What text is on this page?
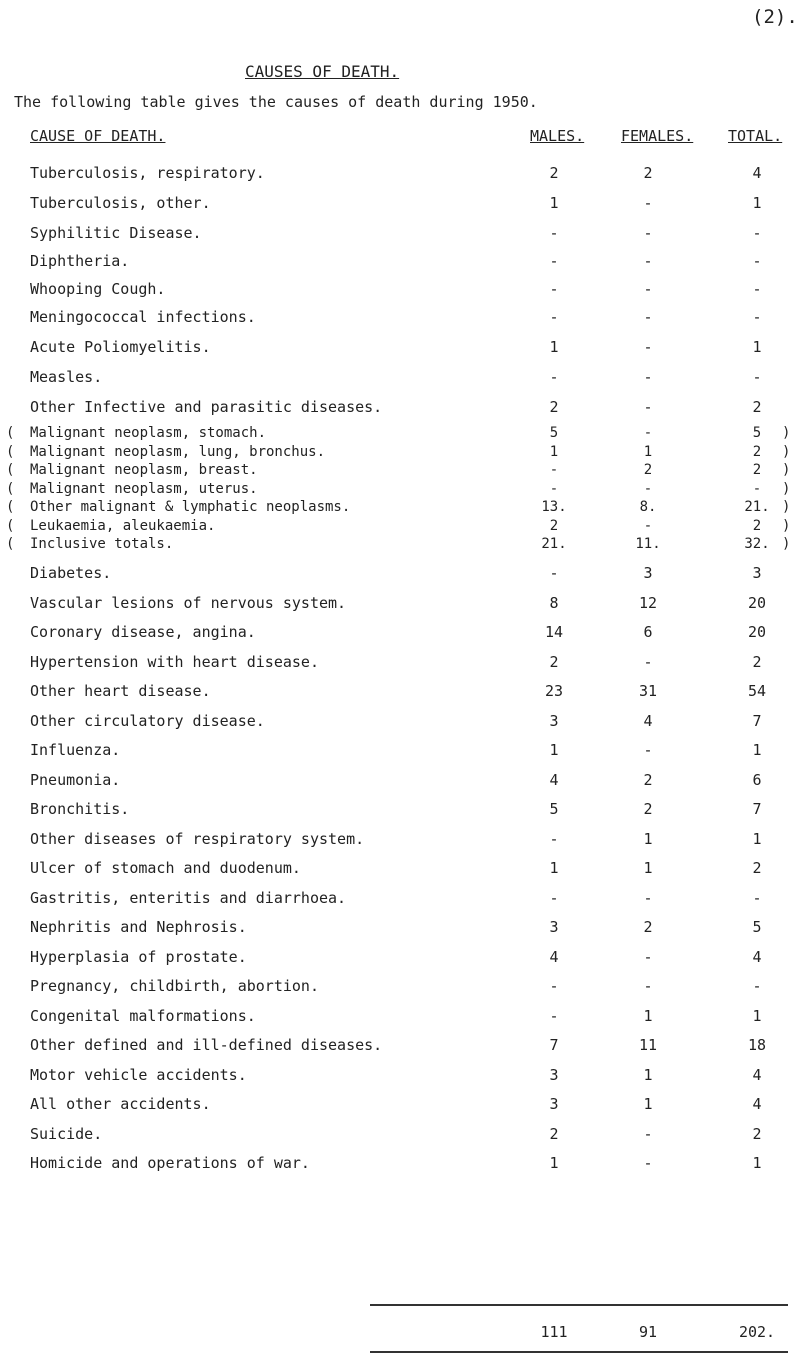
(2).
CAUSES OF DEATH.
The following table gives the causes of death during 1950.
CAUSE OF DEATH.	MALES. FEMALES. TOTAL.
Tuberculosis, respiratory.	2	2	4
Tuberculosis, other.	1	-	1
Syphilitic Disease.	-	-	-
Diphtheria.	-	-	-
Whooping Cough.	-	-	-
Meningococcal infections.	-	-	-
Acute Poliomyelitis.	1	-	1
Measles.	-	-	-
Other Infective and parasitic diseases.	2	-	2
Malignant neoplasm, stomach.	5	-	5
(	)
Malignant neoplasm, lung, bronchus.	1	1	2
(	)
Malignant neoplasm, breast.	-	2	2
(	)
Malignant neoplasm, uterus.	-	-	-
(	)
Other malignant & lymphatic neoplasms.	13.	8.	21.
(	)
Leukaemia, aleukaemia.	2	-	2
(	)
Inclusive totals.	21.	11.	32.
(	)
Diabetes.	-	3	3
Vascular lesions of nervous system.	8	12	20
Coronary disease, angina.	14	6	20
Hypertension with heart disease.	2	-	2
Other heart disease.	23	31	54
Other circulatory disease.	3	4	7
Influenza.	1	-	1
Pneumonia.	4	2	6
Bronchitis.	5	2	7
Other diseases of respiratory system.	-	1	1
Ulcer of stomach and duodenum.	1	1	2
Gastritis, enteritis and diarrhoea.	-	-	-
Nephritis and Nephrosis.	3	2	5
Hyperplasia of prostate.	4	-	4
Pregnancy, childbirth, abortion.	-	-	-
Congenital malformations.	-	1	1
Other defined and ill-defined diseases.	7	11	18
Motor vehicle accidents.	3	1	4
All other accidents.	3	1	4
Suicide.	2	-	2
Homicide and operations of war.	1	-	1
111	91	202.
